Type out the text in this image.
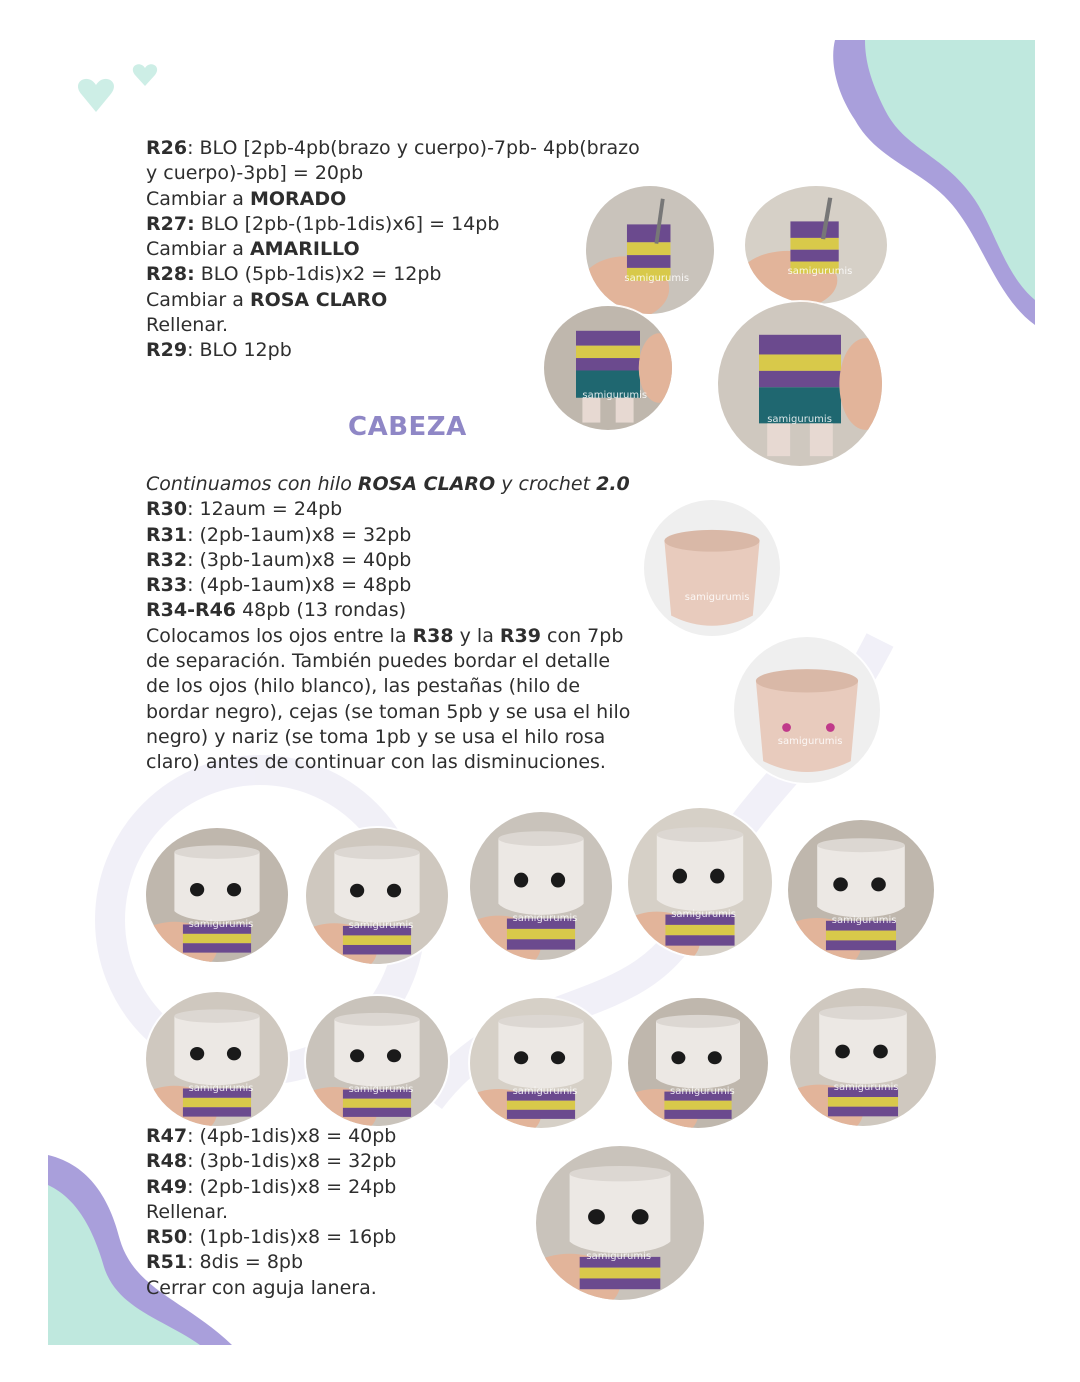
R26: BLO [2pb-4pb(brazo y cuerpo)-7pb- 4pb(brazo
y cuerpo)-3pb] = 20pb
Cambiar a MORADO
R27: BLO [2pb-(1pb-1dis)x6] = 14pb
Cambiar a AMARILLO
R28: BLO (5pb-1dis)x2 = 12pb
Cambiar a ROSA CLARO
Rellenar.
R29: BLO 12pb
CABEZA
Continuamos con hilo ROSA CLARO y crochet 2.0
R30: 12aum = 24pb
R31: (2pb-1aum)x8 = 32pb
R32: (3pb-1aum)x8 = 40pb
R33: (4pb-1aum)x8 = 48pb
R34-R46 48pb (13 rondas)
Colocamos los ojos entre la R38 y la R39 con 7pb
de separación. También puedes bordar el detalle
de los ojos (hilo blanco), las pestañas (hilo de
bordar negro), cejas (se toman 5pb y se usa el hilo
negro) y nariz (se toma 1pb y se usa el hilo rosa
claro) antes de continuar con las disminuciones.
R47: (4pb-1dis)x8 = 40pb
R48: (3pb-1dis)x8 = 32pb
R49: (2pb-1dis)x8 = 24pb
Rellenar.
R50: (1pb-1dis)x8 = 16pb
R51: 8dis = 8pb
Cerrar con aguja lanera.
samigurumis
samigurumis
samigurumis
samigurumis
samigurumis
samigurumis
samigurumis	samigurumis
samigurumis	samigurumis
samigurumis
samigurumis	samigurumis	samigurumis	samigurumis	samigurumis
samigurumis
